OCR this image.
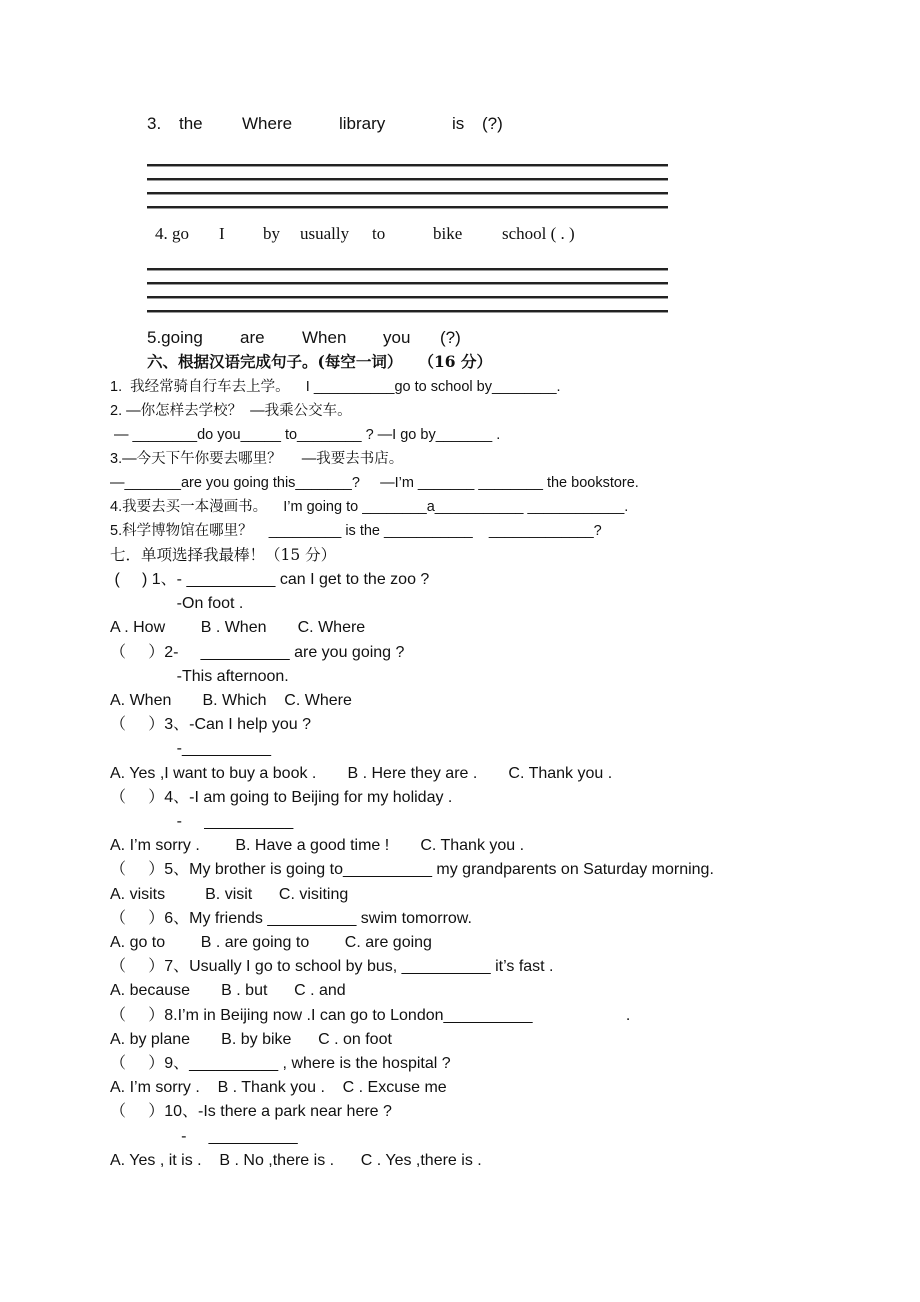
3. the Where	library	is (?)
4. go I by usually to	bike school ( . )
5.going are When you (?)
六、根据汉语完成句子。(每空一词）   （16 分）
1.  我经常骑自行车去上学。    I __________go to school by________.
2. —你怎样去学校？  —我乘公交车。
— ________do you_____ to________ ? —I go by_______ .
3.—今天下午你要去哪里？     —我要去书店。
—_______are you going this_______?     —I’m _______ ________ the bookstore.
4.我要去买一本漫画书。    I’m going to ________a___________ ____________.
5.科学博物馆在哪里？    _________ is the ___________    _____________?
七．单项选择我最棒！（15 分）
(     ) 1、- __________ can I get to the zoo ?
-On foot .
A . How        B . When       C. Where
（     ）2-     __________ are you going ?
-This afternoon.
A. When       B. Which    C. Where
（     ）3、-Can I help you ?
-__________
A. Yes ,I want to buy a book .       B . Here they are .       C. Thank you .
（     ）4、-I am going to Beijing for my holiday .
-     __________
A. I’m sorry .        B. Have a good time !       C. Thank you .
（     ）5、My brother is going to__________ my grandparents on Saturday morning.
A. visits         B. visit      C. visiting
（     ）6、My friends __________ swim tomorrow.
A. go to        B . are going to        C. are going
（     ）7、Usually I go to school by bus, __________ it’s fast .
A. because       B . but      C . and
（     ）8.I’m in Beijing now .I can go to London__________                     .
A. by plane       B. by bike      C . on foot
（     ）9、__________ , where is the hospital ?
A. I’m sorry .    B . Thank you .    C . Excuse me
（     ）10、-Is there a park near here ?
-     __________
A. Yes , it is .    B . No ,there is .      C . Yes ,there is .
